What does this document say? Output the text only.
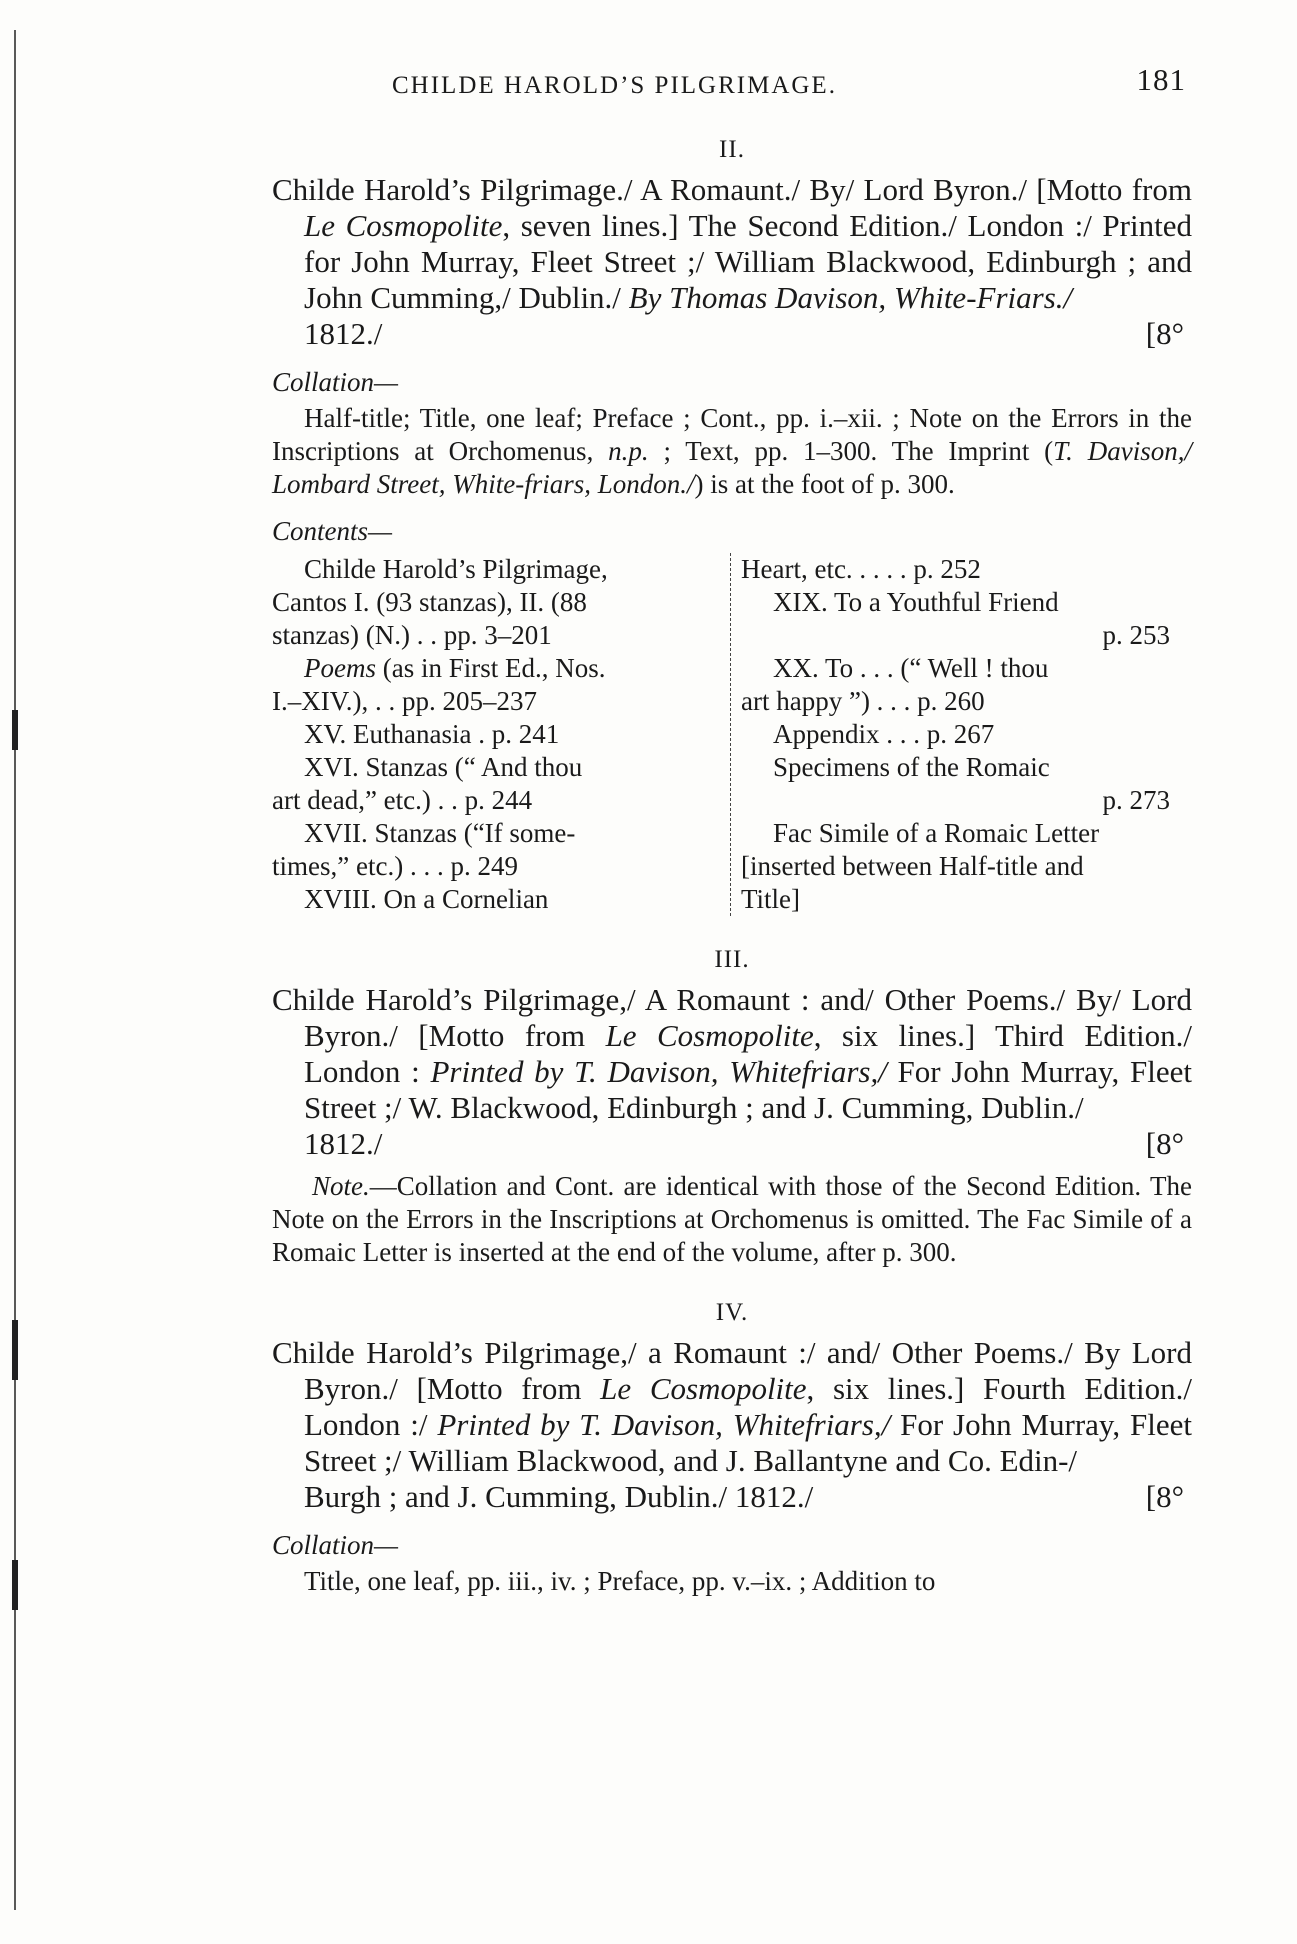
CHILDE HAROLD’S PILGRIMAGE.	181
II.
Childe Harold’s Pilgrimage./ A Romaunt./ By/ Lord Byron./ [Motto from Le Cosmopolite, seven lines.] The Second Edition./ London :/ Printed for John Murray, Fleet Street ;/ William Blackwood, Edinburgh ; and John Cumming,/ Dublin./ By Thomas Davison, White-Friars./
1812./	[8°
Collation—
Half-title; Title, one leaf; Preface ; Cont., pp. i.–xii. ; Note on the Errors in the Inscriptions at Orchomenus, n.p. ; Text, pp. 1–300. The Imprint (T. Davison,/ Lombard Street, White-friars, London./) is at the foot of p. 300.
Contents—
Childe Harold’s Pilgrimage,
Cantos I. (93 stanzas), II. (88
stanzas) (N.) . . pp. 3–201
Poems (as in First Ed., Nos.
I.–XIV.), . . pp. 205–237
XV. Euthanasia . p. 241
XVI. Stanzas (“ And thou
art dead,” etc.) . . p. 244
XVII. Stanzas (“If some-
times,” etc.) . . . p. 249
XVIII. On a Cornelian
Heart, etc. . . . . p. 252
XIX. To a Youthful Friend
p. 253
XX. To . . . (“ Well ! thou
art happy ”) . . . p. 260
Appendix . . . p. 267
Specimens of the Romaic
p. 273
Fac Simile of a Romaic Letter
[inserted between Half-title and
Title]
III.
Childe Harold’s Pilgrimage,/ A Romaunt : and/ Other Poems./ By/ Lord Byron./ [Motto from Le Cosmopolite, six lines.] Third Edition./ London : Printed by T. Davison, Whitefriars,/ For John Murray, Fleet Street ;/ W. Blackwood, Edinburgh ; and J. Cumming, Dublin./
1812./	[8°
Note.—Collation and Cont. are identical with those of the Second Edition. The Note on the Errors in the Inscriptions at Orchomenus is omitted. The Fac Simile of a Romaic Letter is inserted at the end of the volume, after p. 300.
IV.
Childe Harold’s Pilgrimage,/ a Romaunt :/ and/ Other Poems./ By Lord Byron./ [Motto from Le Cosmopolite, six lines.] Fourth Edition./ London :/ Printed by T. Davison, Whitefriars,/ For John Murray, Fleet Street ;/ William Blackwood, and J. Ballantyne and Co. Edin-/
Burgh ; and J. Cumming, Dublin./ 1812./	[8°
Collation—
Title, one leaf, pp. iii., iv. ; Preface, pp. v.–ix. ; Addition to
